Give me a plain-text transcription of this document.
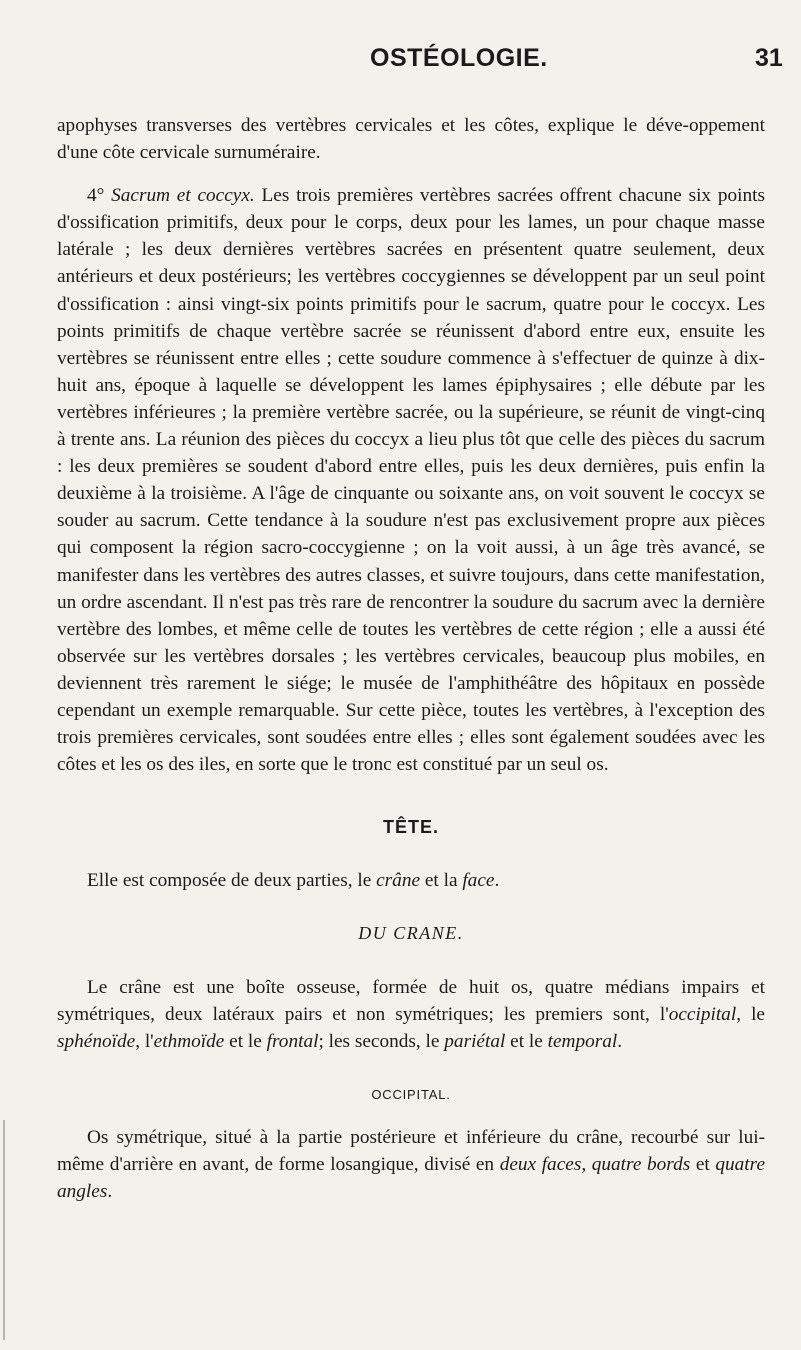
OSTÉOLOGIE.	31

apophyses transverses des vertèbres cervicales et les côtes, explique le déve-oppement d'une côte cervicale surnuméraire.

4° Sacrum et coccyx. Les trois premières vertèbres sacrées offrent chacune six points d'ossification primitifs, deux pour le corps, deux pour les lames, un pour chaque masse latérale ; les deux dernières vertèbres sacrées en présentent quatre seulement, deux antérieurs et deux postérieurs; les vertèbres coccygiennes se développent par un seul point d'ossification : ainsi vingt-six points primitifs pour le sacrum, quatre pour le coccyx. Les points primitifs de chaque vertèbre sacrée se réunissent d'abord entre eux, ensuite les vertèbres se réunissent entre elles ; cette soudure commence à s'effectuer de quinze à dix-huit ans, époque à laquelle se développent les lames épiphysaires ; elle débute par les vertèbres inférieures ; la première vertèbre sacrée, ou la supérieure, se réunit de vingt-cinq à trente ans. La réunion des pièces du coccyx a lieu plus tôt que celle des pièces du sacrum : les deux premières se soudent d'abord entre elles, puis les deux dernières, puis enfin la deuxième à la troisième. A l'âge de cinquante ou soixante ans, on voit souvent le coccyx se souder au sacrum. Cette tendance à la soudure n'est pas exclusivement propre aux pièces qui composent la région sacro-coccygienne ; on la voit aussi, à un âge très avancé, se manifester dans les vertèbres des autres classes, et suivre toujours, dans cette manifestation, un ordre ascendant. Il n'est pas très rare de rencontrer la soudure du sacrum avec la dernière vertèbre des lombes, et même celle de toutes les vertèbres de cette région ; elle a aussi été observée sur les vertèbres dorsales ; les vertèbres cervicales, beaucoup plus mobiles, en deviennent très rarement le siége; le musée de l'amphithéâtre des hôpitaux en possède cependant un exemple remarquable. Sur cette pièce, toutes les vertèbres, à l'exception des trois premières cervicales, sont soudées entre elles ; elles sont également soudées avec les côtes et les os des iles, en sorte que le tronc est constitué par un seul os.

TÊTE.

Elle est composée de deux parties, le crâne et la face.

DU CRANE.

Le crâne est une boîte osseuse, formée de huit os, quatre médians impairs et symétriques, deux latéraux pairs et non symétriques; les premiers sont, l'occipital, le sphénoïde, l'ethmoïde et le frontal; les seconds, le pariétal et le temporal.

OCCIPITAL.

Os symétrique, situé à la partie postérieure et inférieure du crâne, recourbé sur lui-même d'arrière en avant, de forme losangique, divisé en deux faces, quatre bords et quatre angles.
